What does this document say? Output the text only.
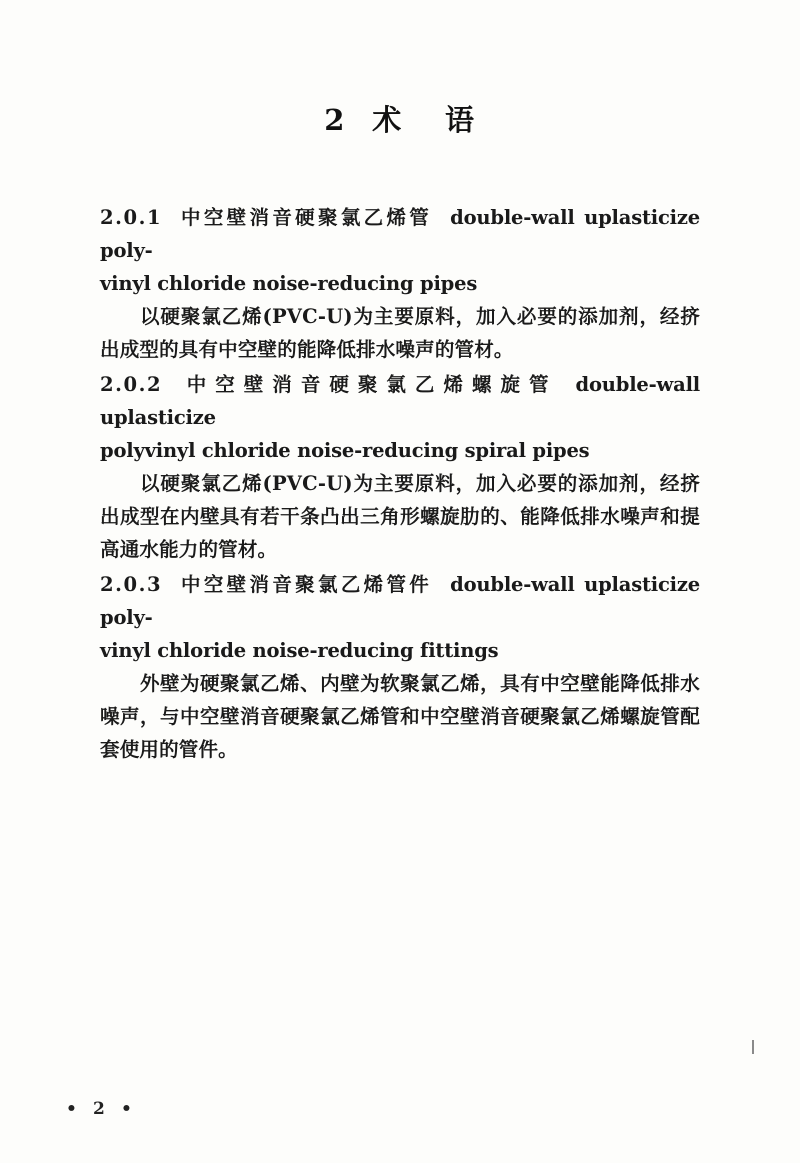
2 术 语
2.0.1 中空壁消音硬聚氯乙烯管 double-wall uplasticize poly-
vinyl chloride noise-reducing pipes
以硬聚氯乙烯(PVC-U)为主要原料，加入必要的添加剂，经挤出成型的具有中空壁的能降低排水噪声的管材。
2.0.2 中空壁消音硬聚氯乙烯螺旋管 double-wall uplasticize
polyvinyl chloride noise-reducing spiral pipes
以硬聚氯乙烯(PVC-U)为主要原料，加入必要的添加剂，经挤出成型在内壁具有若干条凸出三角形螺旋肋的、能降低排水噪声和提高通水能力的管材。
2.0.3 中空壁消音聚氯乙烯管件 double-wall uplasticize poly-
vinyl chloride noise-reducing fittings
外壁为硬聚氯乙烯、内壁为软聚氯乙烯，具有中空壁能降低排水噪声，与中空壁消音硬聚氯乙烯管和中空壁消音硬聚氯乙烯螺旋管配套使用的管件。
• 2 •
